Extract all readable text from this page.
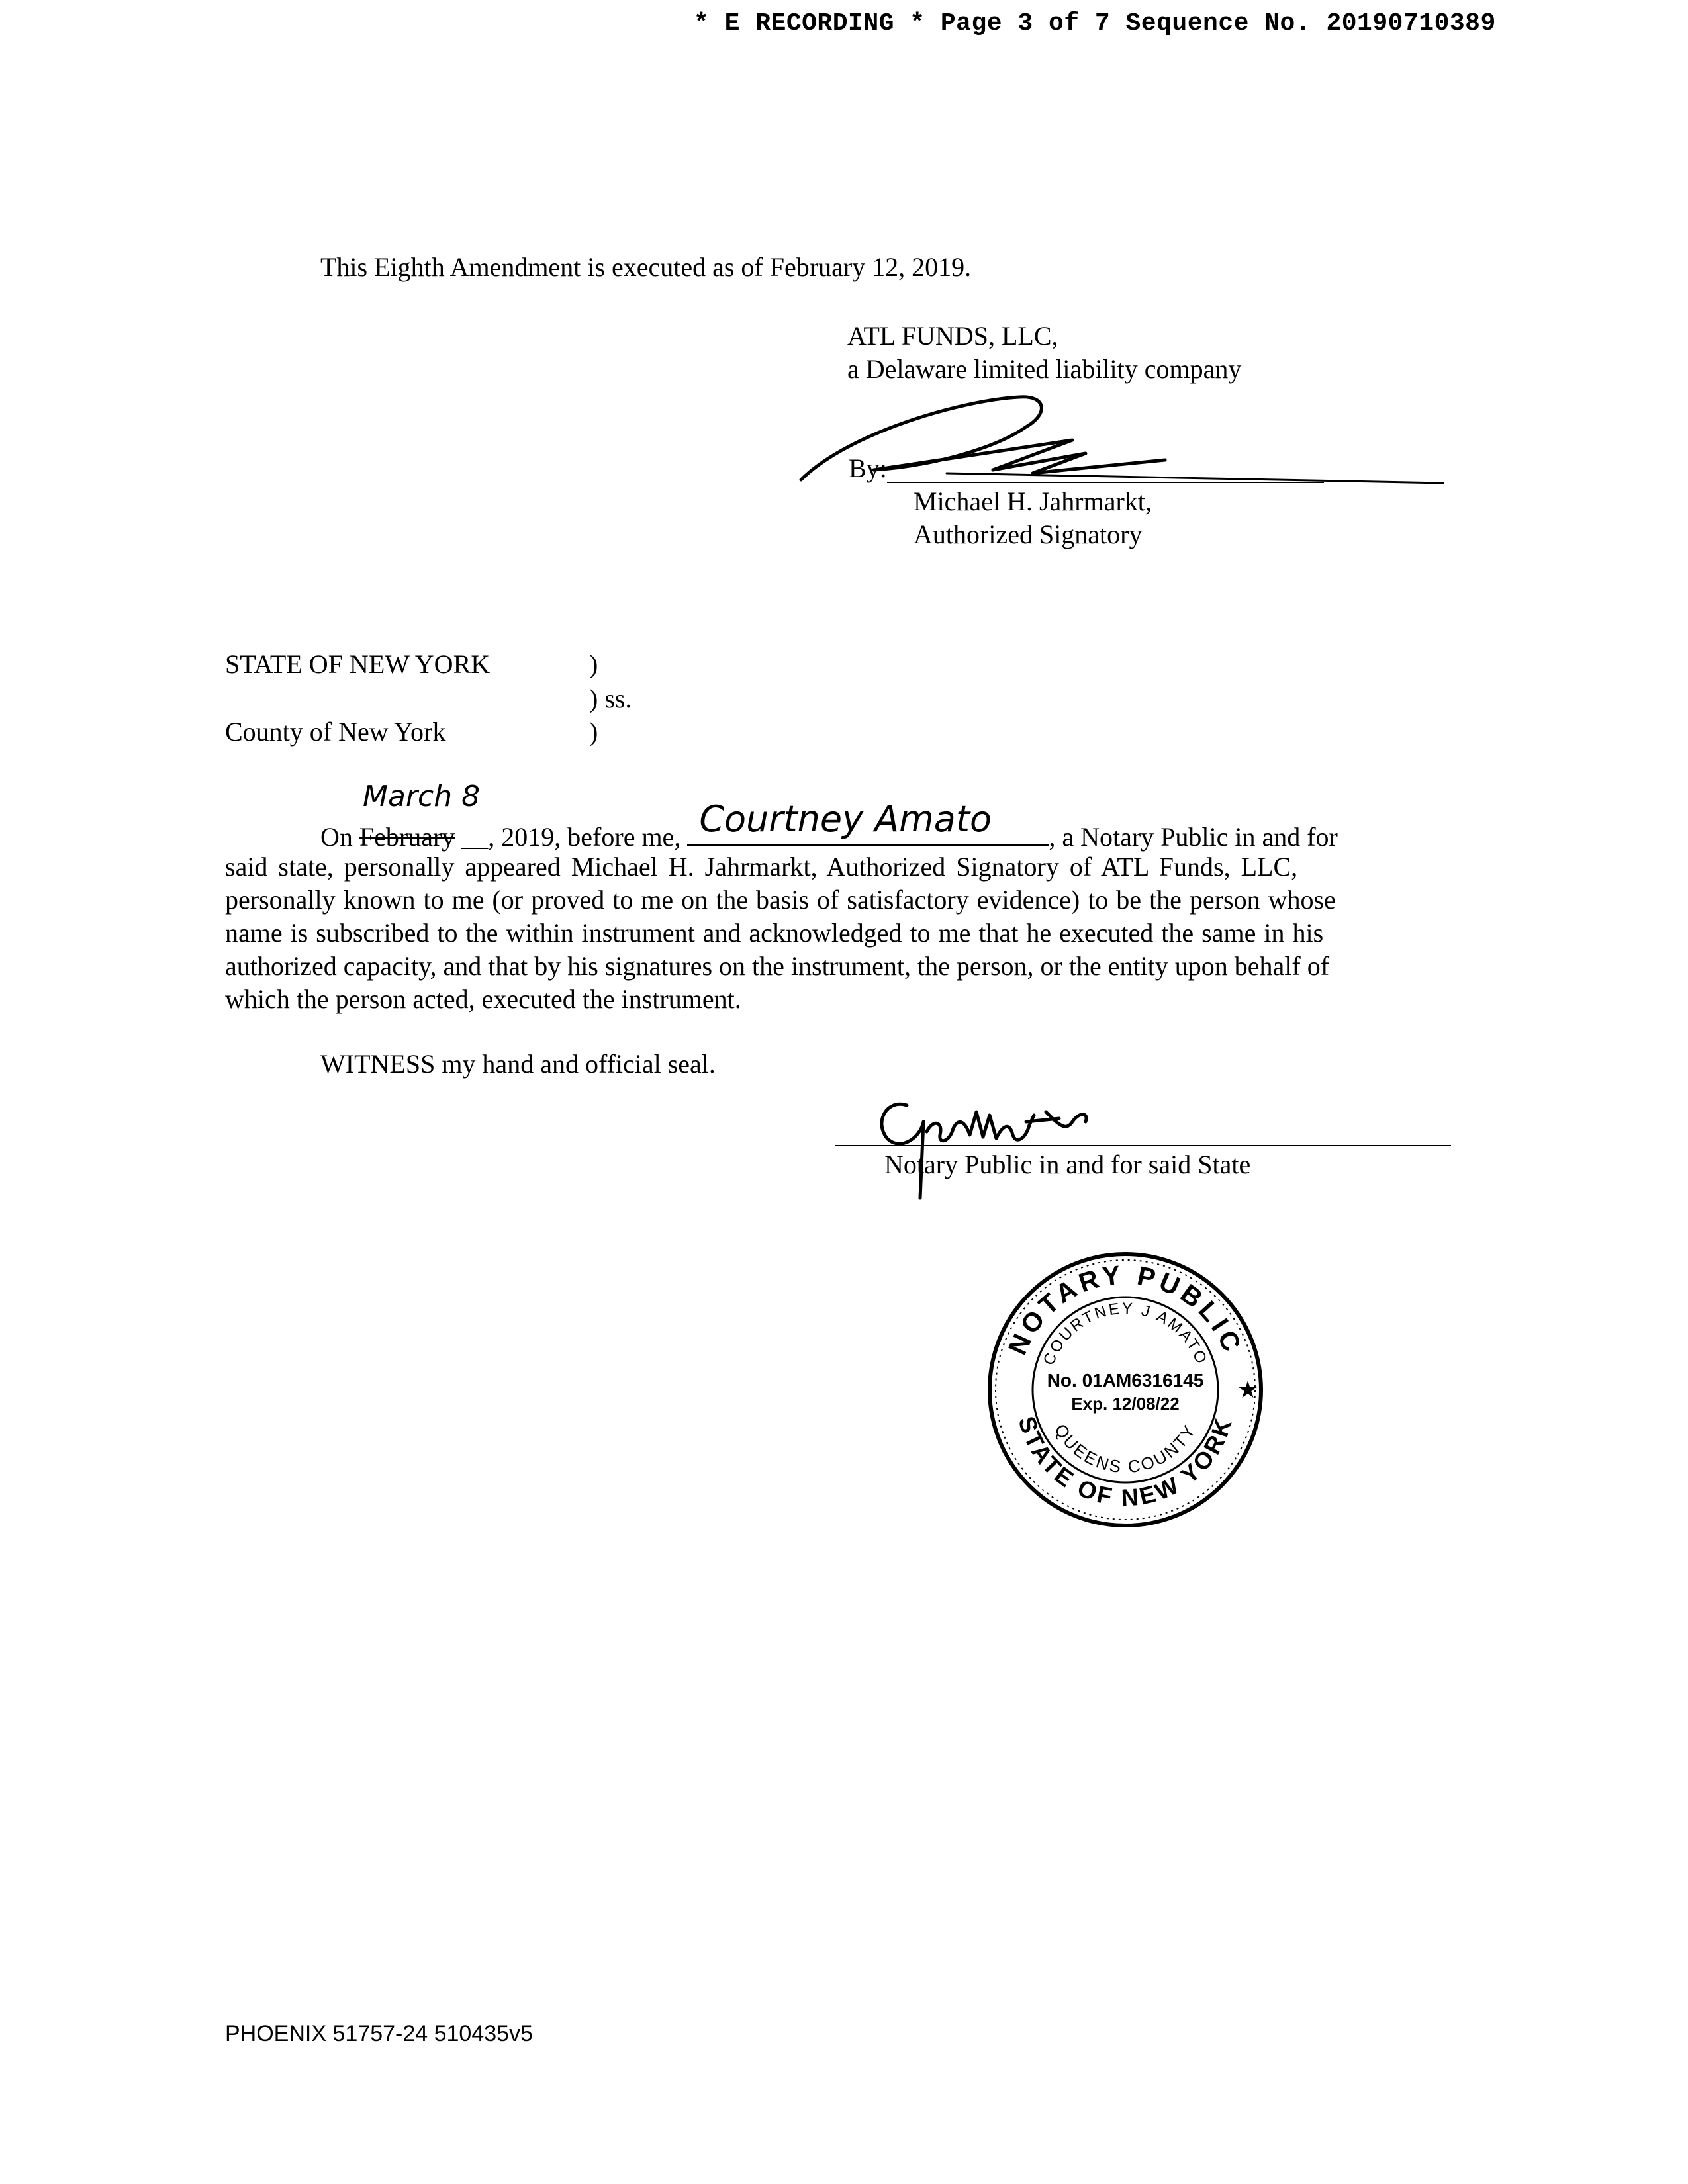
* E RECORDING * Page 3 of 7 Sequence No. 20190710389
This Eighth Amendment is executed as of February 12, 2019.
ATL FUNDS, LLC,
a Delaware limited liability company
By:
Michael H. Jahrmarkt,
Authorized Signatory
STATE OF NEW YORK	)
) ss.
County of New York	)
March 8
On February __, 2019, before me, Courtney Amato , a Notary Public in and for
said state, personally appeared Michael H. Jahrmarkt, Authorized Signatory of ATL Funds, LLC,
personally known to me (or proved to me on the basis of satisfactory evidence) to be the person whose
name is subscribed to the within instrument and acknowledged to me that he executed the same in his
authorized capacity, and that by his signatures on the instrument, the person, or the entity upon behalf of
which the person acted, executed the instrument.
WITNESS my hand and official seal.
Notary Public in and for said State
NOTARY PUBLIC
STATE OF NEW YORK
COURTNEY J AMATO
QUEENS COUNTY
No. 01AM6316145
Exp. 12/08/22
★
PHOENIX 51757-24 510435v5
